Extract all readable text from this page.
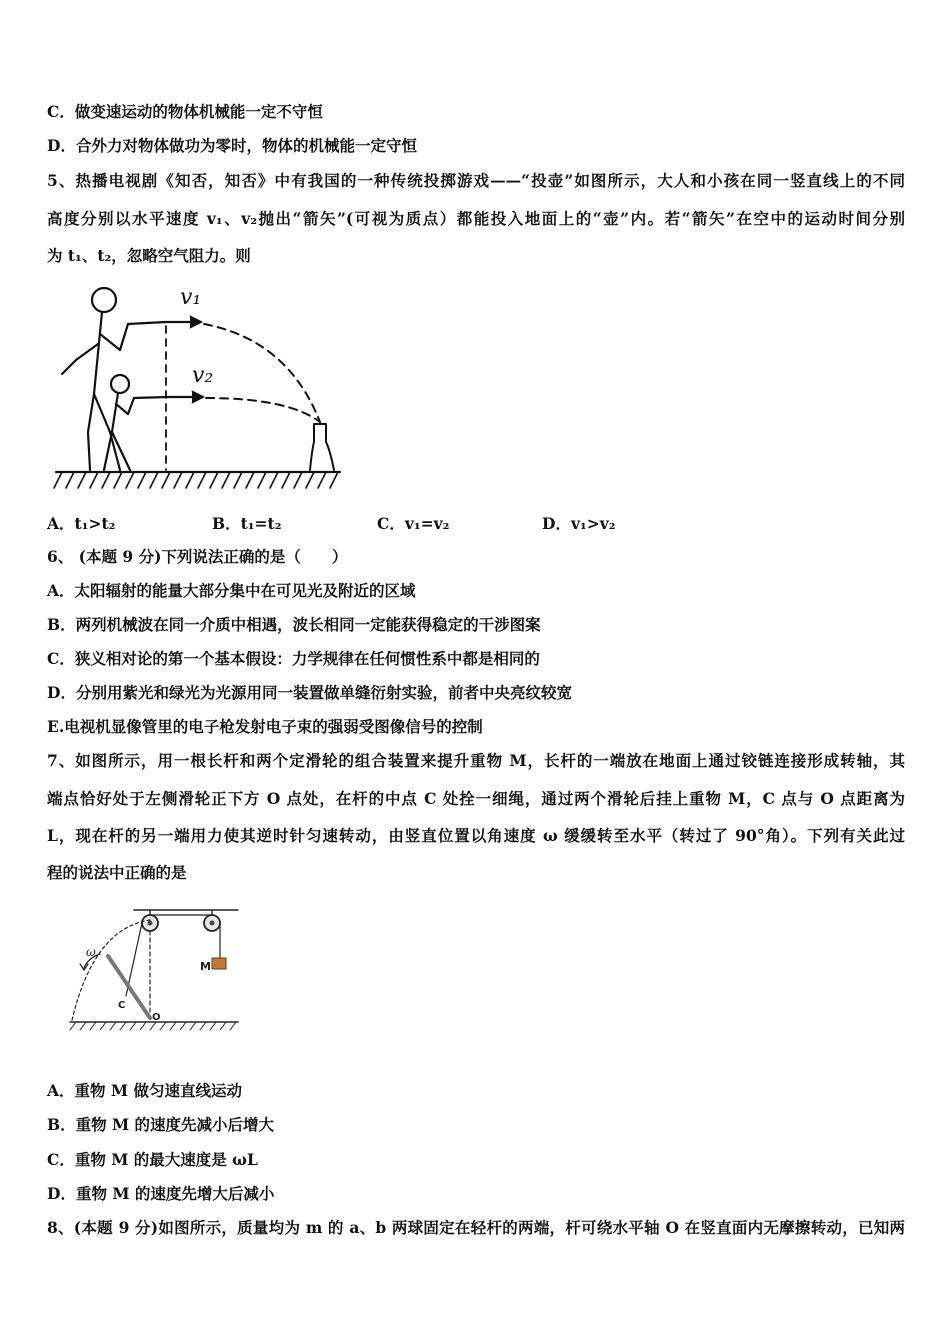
C．做变速运动的物体机械能一定不守恒
D．合外力对物体做功为零时，物体的机械能一定守恒
5、热播电视剧《知否，知否》中有我国的一种传统投掷游戏——“投壶”如图所示，大人和小孩在同一竖直线上的不同
高度分别以水平速度 v₁、v₂抛出“箭矢”(可视为质点）都能投入地面上的“壶”内。若“箭矢”在空中的运动时间分别
为 t₁、t₂，忽略空气阻力。则
v₁
v₂
A．t₁>t₂	B．t₁=t₂	C．v₁=v₂	D．v₁>v₂
6、 (本题 9 分)下列说法正确的是（　　）
A．太阳辐射的能量大部分集中在可见光及附近的区域
B．两列机械波在同一介质中相遇，波长相同一定能获得稳定的干涉图案
C．狭义相对论的第一个基本假设：力学规律在任何惯性系中都是相同的
D．分别用紫光和绿光为光源用同一装置做单缝衍射实验，前者中央亮纹较宽
E.电视机显像管里的电子枪发射电子束的强弱受图像信号的控制
7、如图所示，用一根长杆和两个定滑轮的组合装置来提升重物 M，长杆的一端放在地面上通过铰链连接形成转轴，其
端点恰好处于左侧滑轮正下方 O 点处，在杆的中点 C 处拴一细绳，通过两个滑轮后挂上重物 M，C 点与 O 点距离为
L，现在杆的另一端用力使其逆时针匀速转动，由竖直位置以角速度 ω 缓缓转至水平（转过了 90°角）。下列有关此过
程的说法中正确的是
ω
M
C
O
A．重物 M 做匀速直线运动
B．重物 M 的速度先减小后增大
C．重物 M 的最大速度是 ωL
D．重物 M 的速度先增大后减小
8、(本题 9 分)如图所示，质量均为 m 的 a、b 两球固定在轻杆的两端，杆可绕水平轴 O 在竖直面内无摩擦转动，已知两
